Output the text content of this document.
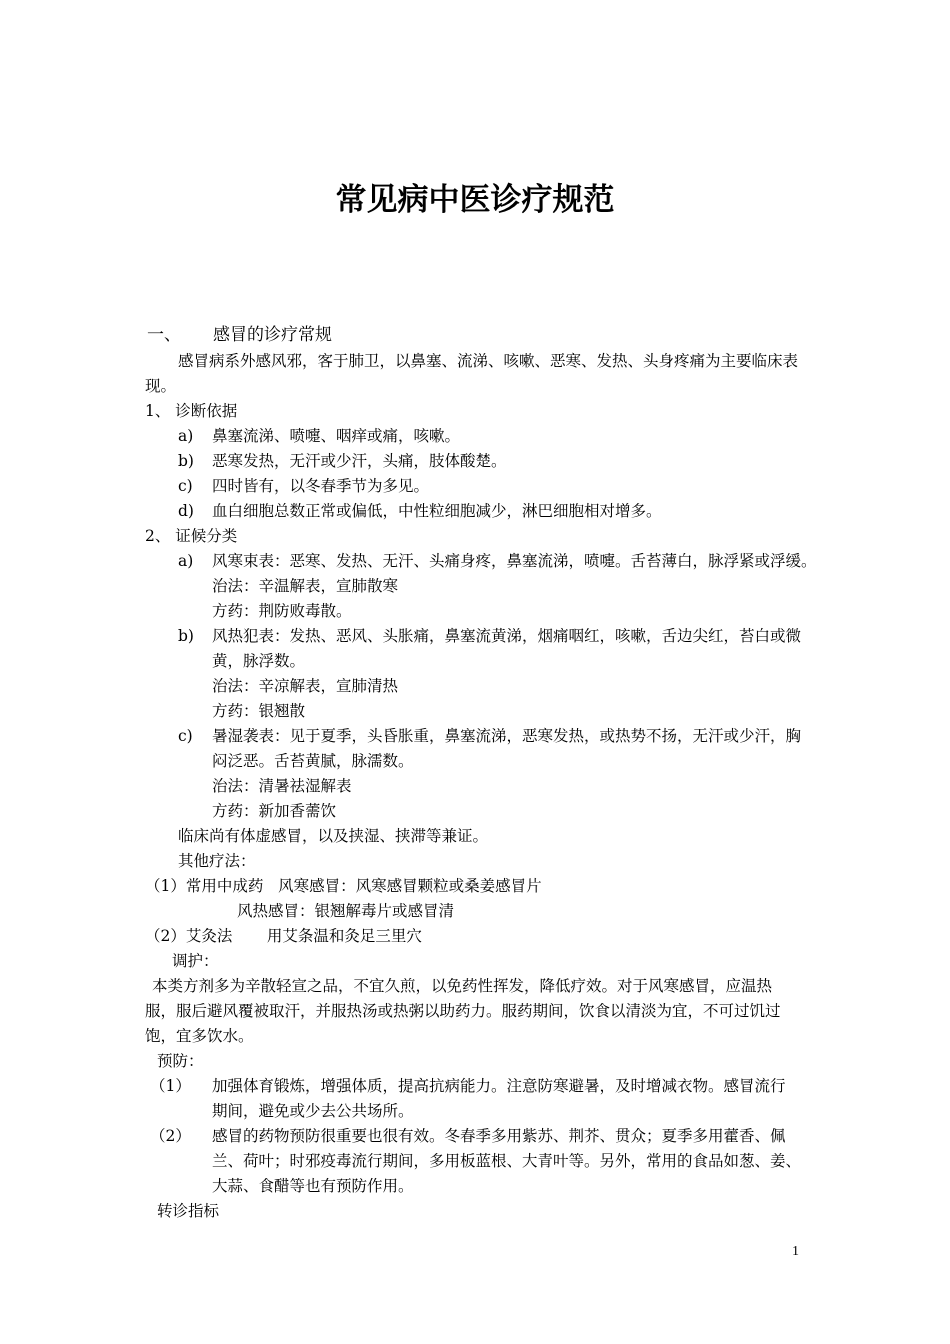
常见病中医诊疗规范
一、 感冒的诊疗常规
感冒病系外感风邪，客于肺卫，以鼻塞、流涕、咳嗽、恶寒、发热、头身疼痛为主要临床表
现。
1、 诊断依据
a) 鼻塞流涕、喷嚏、咽痒或痛，咳嗽。
b) 恶寒发热，无汗或少汗，头痛，肢体酸楚。
c) 四时皆有，以冬春季节为多见。
d) 血白细胞总数正常或偏低，中性粒细胞减少，淋巴细胞相对增多。
2、 证候分类
a) 风寒束表：恶寒、发热、无汗、头痛身疼，鼻塞流涕，喷嚏。舌苔薄白，脉浮紧或浮缓。
治法：辛温解表，宣肺散寒
方药：荆防败毒散。
b) 风热犯表：发热、恶风、头胀痛，鼻塞流黄涕，烟痛咽红，咳嗽，舌边尖红，苔白或微
黄，脉浮数。
治法：辛凉解表，宣肺清热
方药：银翘散
c) 暑湿袭表：见于夏季，头昏胀重，鼻塞流涕，恶寒发热，或热势不扬，无汗或少汗，胸
闷泛恶。舌苔黄腻，脉濡数。
治法：清暑祛湿解表
方药：新加香薷饮
临床尚有体虚感冒，以及挟湿、挟滞等兼证。
其他疗法：
（1）常用中成药   风寒感冒：风寒感冒颗粒或桑姜感冒片
风热感冒：银翘解毒片或感冒清
（2）艾灸法       用艾条温和灸足三里穴
调护：
本类方剂多为辛散轻宣之品，不宜久煎，以免药性挥发，降低疗效。对于风寒感冒，应温热
服，服后避风覆被取汗，并服热汤或热粥以助药力。服药期间，饮食以清淡为宜，不可过饥过
饱，宜多饮水。
预防：
（1） 加强体育锻炼，增强体质，提高抗病能力。注意防寒避暑，及时增减衣物。感冒流行
期间，避免或少去公共场所。
（2） 感冒的药物预防很重要也很有效。冬春季多用紫苏、荆芥、贯众；夏季多用藿香、佩
兰、荷叶；时邪疫毒流行期间，多用板蓝根、大青叶等。另外，常用的食品如葱、姜、
大蒜、食醋等也有预防作用。
转诊指标
1
